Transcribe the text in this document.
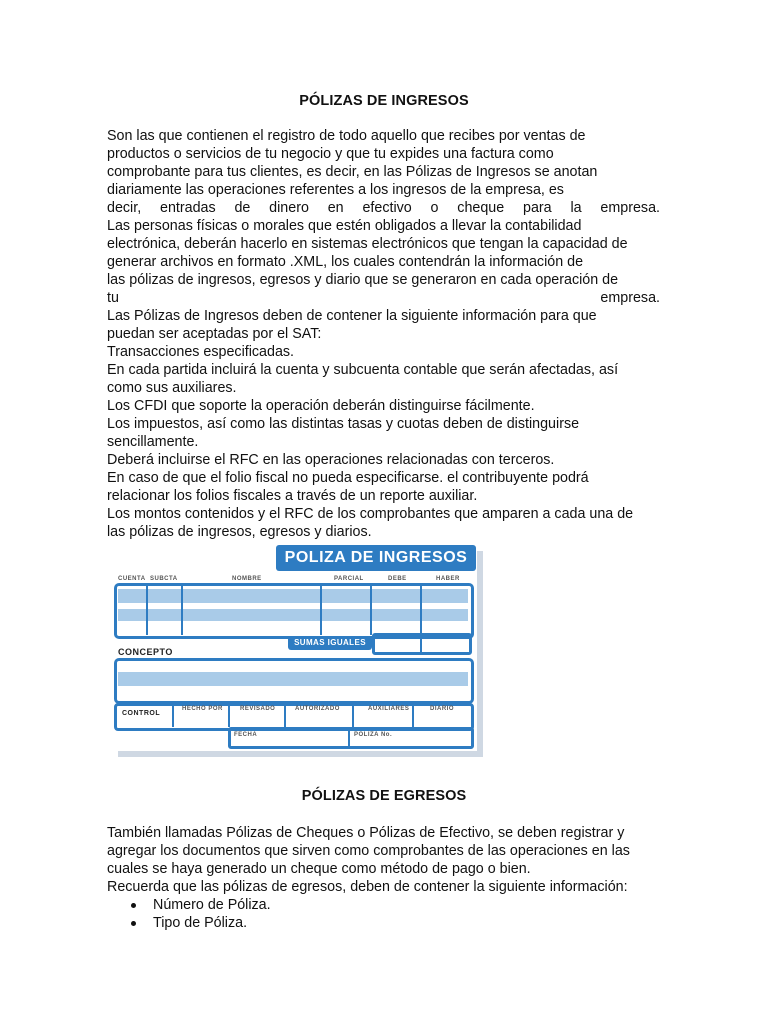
PÓLIZAS DE INGRESOS

Son las que contienen el registro de todo aquello que recibes por ventas de

productos o servicios de tu negocio y que tu expides una factura como

comprobante para tus clientes, es decir, en las Pólizas de Ingresos se anotan

diariamente las operaciones referentes a los ingresos de la empresa, es

decir, entradas de dinero en efectivo o cheque para la empresa.

Las personas físicas o morales que estén obligados a llevar la contabilidad

electrónica, deberán hacerlo en sistemas electrónicos que tengan la capacidad de

generar archivos en formato .XML, los cuales contendrán la información de

las pólizas de ingresos, egresos y diario que se generaron en cada operación de

tu empresa.

Las Pólizas de Ingresos deben de contener la siguiente información para que

puedan ser aceptadas por el SAT:

Transacciones especificadas.

En cada partida incluirá la cuenta y subcuenta contable que serán afectadas, así

como sus auxiliares.

Los CFDI que soporte la operación deberán distinguirse fácilmente.

Los impuestos, así como las distintas tasas y cuotas deben de distinguirse

sencillamente.

Deberá incluirse el RFC en las operaciones relacionadas con terceros.

En caso de que el folio fiscal no pueda especificarse. el contribuyente podrá

relacionar los folios fiscales a través de un reporte auxiliar.

Los montos contenidos y el RFC de los comprobantes que amparen a cada una de

las pólizas de ingresos, egresos y diarios.

POLIZA DE INGRESOS
CUENTA SUBCTA	NOMBRE	PARCIAL	DEBE	HABER
SUMAS IGUALES
CONCEPTO
CONTROL
HECHO POR	REVISADO	AUTORIZADO	AUXILIARES	DIARIO
FECHA	POLIZA No.
PÓLIZAS DE EGRESOS

También llamadas Pólizas de Cheques o Pólizas de Efectivo, se deben registrar y

agregar los documentos que sirven como comprobantes de las operaciones en las

cuales se haya generado un cheque como método de pago o bien.

Recuerda que las pólizas de egresos, deben de contener la siguiente información:

Número de Póliza.
Tipo de Póliza.
